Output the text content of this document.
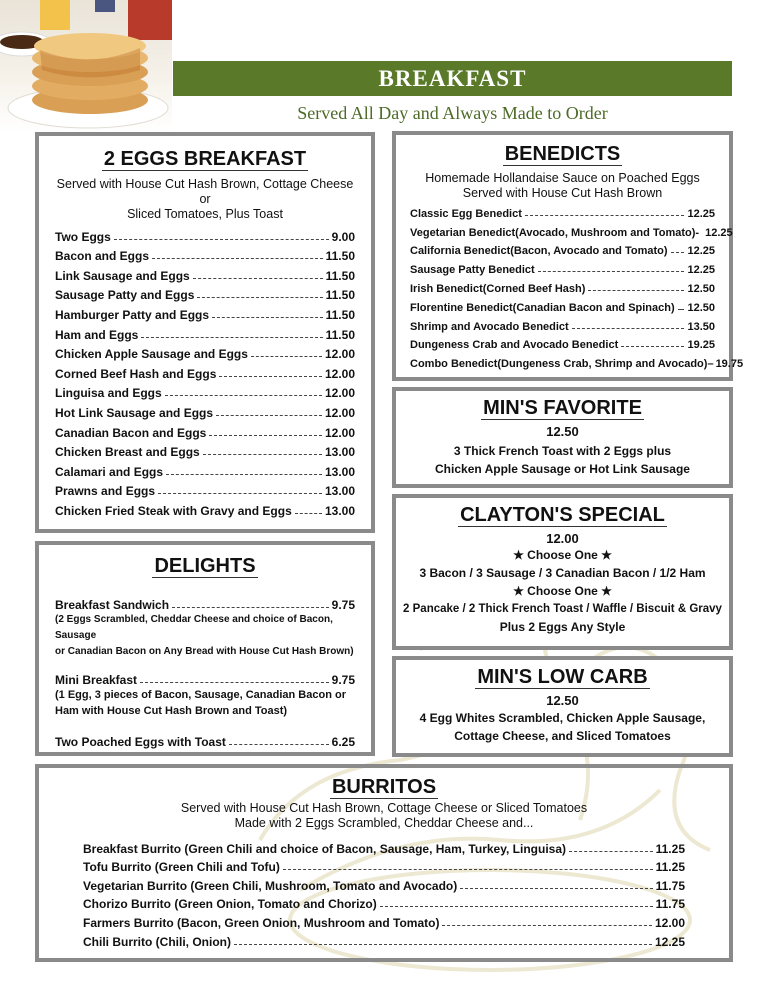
BREAKFAST
Served All Day and Always Made to Order
2 EGGS BREAKFAST
Served with House Cut Hash Brown, Cottage Cheese or
Sliced Tomatoes, Plus Toast
Two Eggs	9.00
Bacon and Eggs	11.50
Link Sausage and Eggs	11.50
Sausage Patty and Eggs	11.50
Hamburger Patty and Eggs	11.50
Ham and Eggs	11.50
Chicken Apple Sausage and Eggs	12.00
Corned Beef Hash and Eggs	12.00
Linguisa and Eggs	12.00
Hot Link Sausage and Eggs	12.00
Canadian Bacon and Eggs	12.00
Chicken Breast and Eggs	13.00
Calamari and Eggs	13.00
Prawns and Eggs	13.00
Chicken Fried Steak with Gravy and Eggs	13.00
BENEDICTS
Homemade Hollandaise Sauce on Poached Eggs
Served with House Cut Hash Brown
Classic Egg Benedict	12.25
Vegetarian Benedict(Avocado, Mushroom and Tomato)- 12.25
California Benedict(Bacon, Avocado and Tomato) 12.25
Sausage Patty Benedict	12.25
Irish Benedict(Corned Beef Hash)	12.50
Florentine Benedict(Canadian Bacon and Spinach) 12.50
Shrimp and Avocado Benedict	13.50
Dungeness Crab and Avocado Benedict	19.25
Combo Benedict(Dungeness Crab, Shrimp and Avocado)– 19.75
MIN'S FAVORITE
12.50
3 Thick French Toast with 2 Eggs plus
Chicken Apple Sausage or Hot Link Sausage
CLAYTON'S SPECIAL
12.00
★ Choose One ★
3 Bacon / 3 Sausage / 3 Canadian Bacon / 1/2 Ham
★ Choose One ★
2 Pancake / 2 Thick French Toast / Waffle / Biscuit & Gravy
Plus 2 Eggs Any Style
MIN'S LOW CARB
12.50
4 Egg Whites Scrambled, Chicken Apple Sausage,
Cottage Cheese, and Sliced Tomatoes
DELIGHTS
Breakfast Sandwich	9.75
(2 Eggs Scrambled, Cheddar Cheese and choice of Bacon, Sausage
or Canadian Bacon on Any Bread with House Cut Hash Brown)
Mini Breakfast	9.75
(1 Egg, 3 pieces of Bacon, Sausage, Canadian Bacon or
Ham with House Cut Hash Brown and Toast)
Two Poached Eggs with Toast	6.25
BURRITOS
Served with House Cut Hash Brown, Cottage Cheese or Sliced Tomatoes
Made with 2 Eggs Scrambled, Cheddar Cheese and...
Breakfast Burrito (Green Chili and choice of Bacon, Sausage, Ham, Turkey, Linguisa)	11.25
Tofu Burrito (Green Chili and Tofu)	11.25
Vegetarian Burrito (Green Chili, Mushroom, Tomato and Avocado)	11.75
Chorizo Burrito (Green Onion, Tomato and Chorizo)	11.75
Farmers Burrito (Bacon, Green Onion, Mushroom and Tomato)	12.00
Chili Burrito (Chili, Onion)	12.25
